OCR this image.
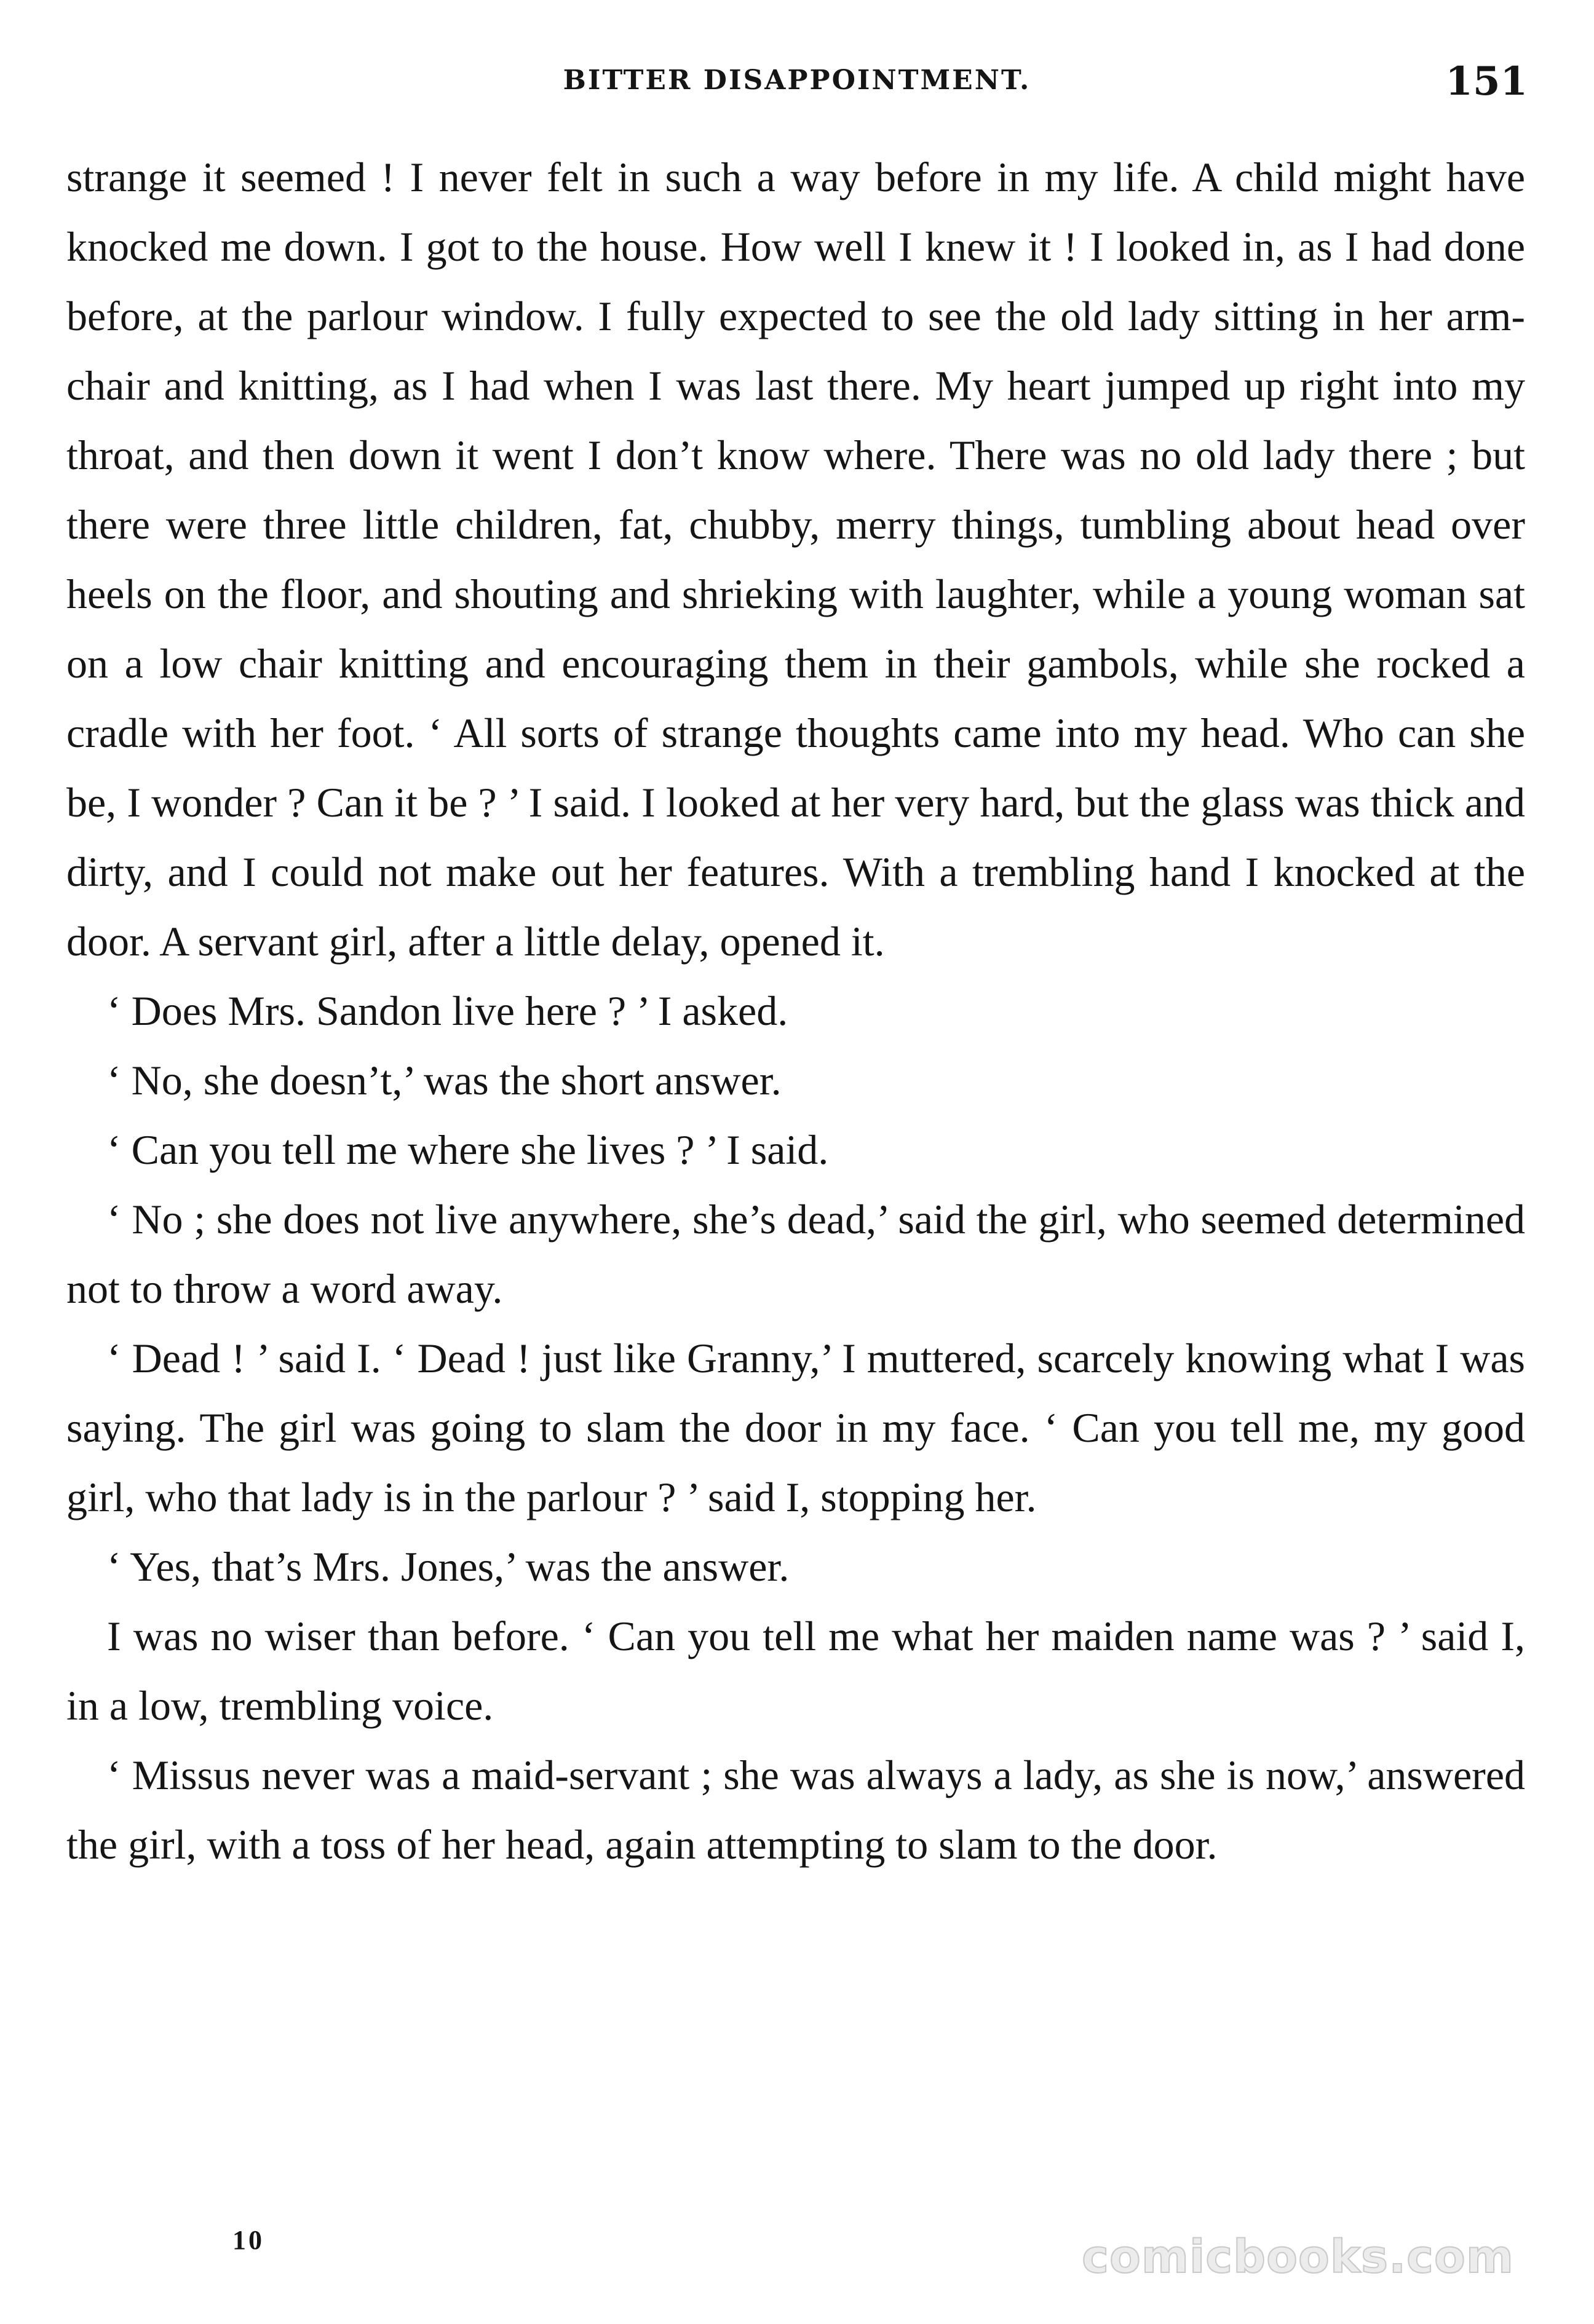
BITTER DISAPPOINTMENT.	151

strange it seemed ! I never felt in such a way before in my life. A child might have knocked me down. I got to the house. How well I knew it ! I looked in, as I had done before, at the parlour window. I fully expected to see the old lady sitting in her arm-chair and knitting, as I had when I was last there. My heart jumped up right into my throat, and then down it went I don’t know where. There was no old lady there ; but there were three little children, fat, chubby, merry things, tumbling about head over heels on the floor, and shouting and shrieking with laughter, while a young woman sat on a low chair knitting and encouraging them in their gambols, while she rocked a cradle with her foot. ‘ All sorts of strange thoughts came into my head. Who can she be, I wonder ? Can it be ? ’ I said. I looked at her very hard, but the glass was thick and dirty, and I could not make out her features. With a trembling hand I knocked at the door. A servant girl, after a little delay, opened it.

‘ Does Mrs. Sandon live here ? ’ I asked.

‘ No, she doesn’t,’ was the short answer.

‘ Can you tell me where she lives ? ’ I said.

‘ No ; she does not live anywhere, she’s dead,’ said the girl, who seemed determined not to throw a word away.

‘ Dead ! ’ said I. ‘ Dead ! just like Granny,’ I muttered, scarcely knowing what I was saying. The girl was going to slam the door in my face. ‘ Can you tell me, my good girl, who that lady is in the parlour ? ’ said I, stopping her.

‘ Yes, that’s Mrs. Jones,’ was the answer.

I was no wiser than before. ‘ Can you tell me what her maiden name was ? ’ said I, in a low, trembling voice.

‘ Missus never was a maid-servant ; she was always a lady, as she is now,’ answered the girl, with a toss of her head, again attempting to slam to the door.

10	comicbooks.com
